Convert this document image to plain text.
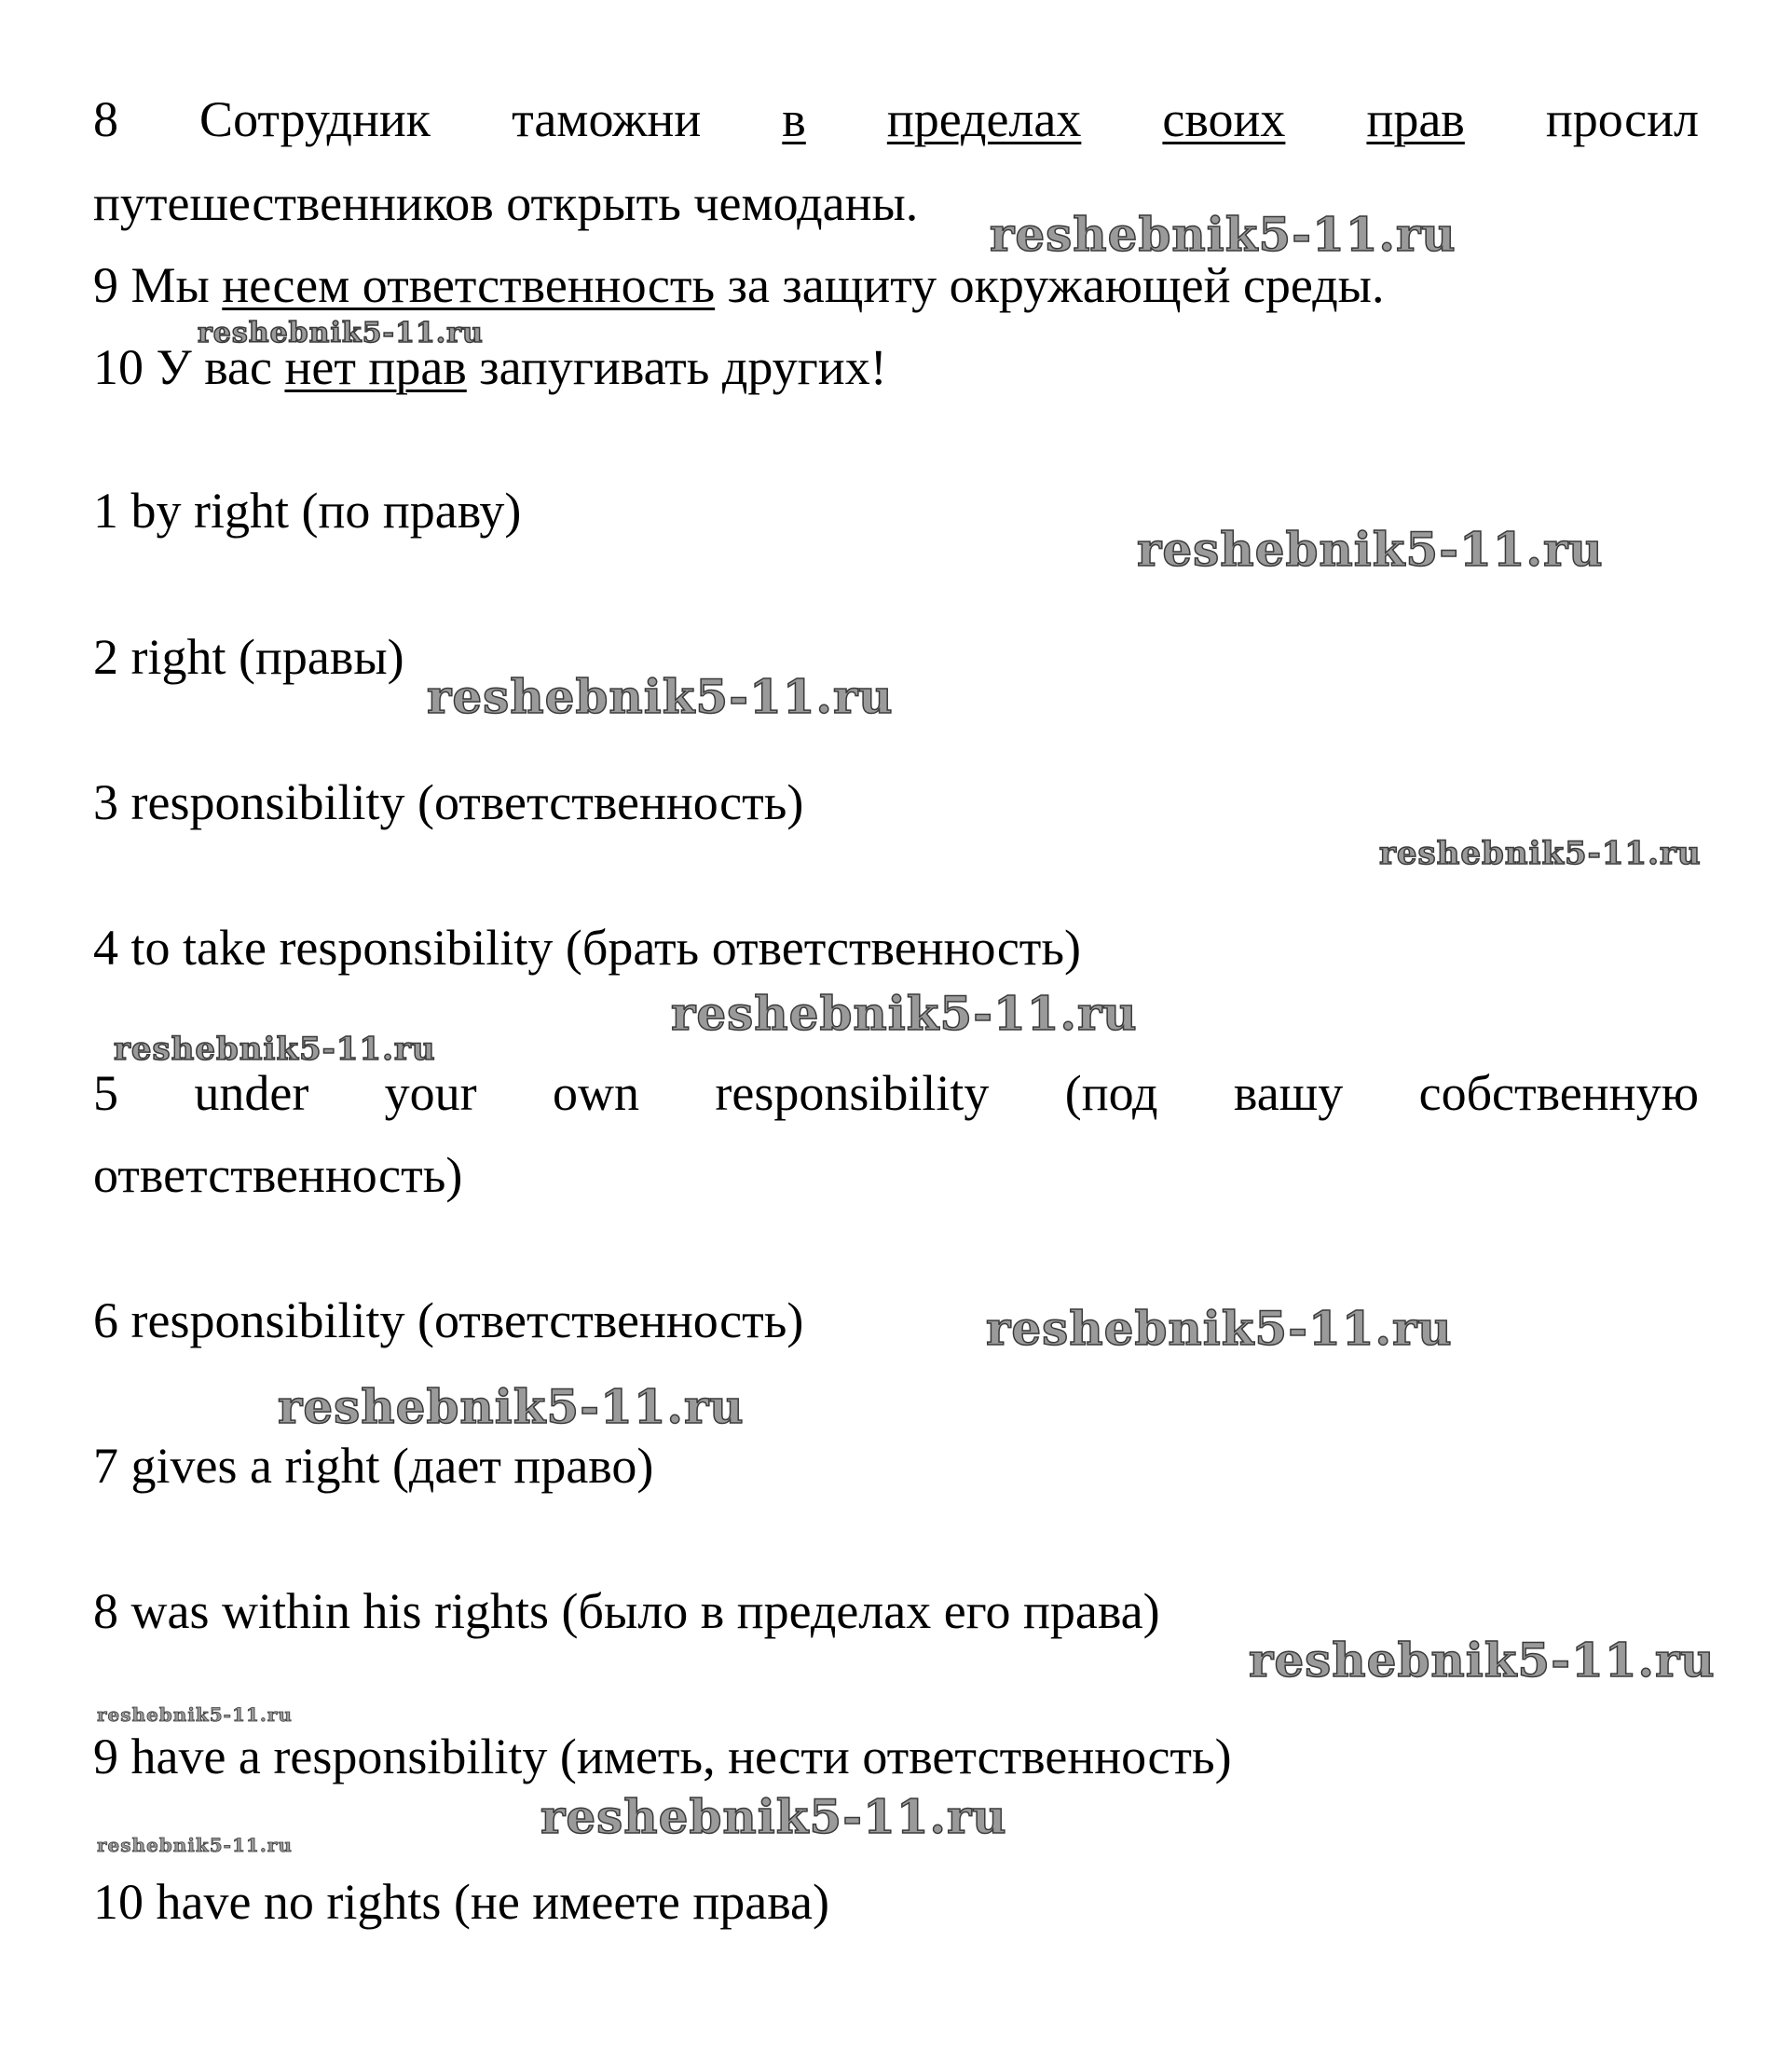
8 Сотрудник таможни в пределах своих прав просил
путешественников открыть чемоданы.
9 Мы несем ответственность за защиту окружающей среды.
10 У вас нет прав запугивать других!
1 by right (по праву)
2 right (правы)
3 responsibility (ответственность)
4 to take responsibility (брать ответственность)
5 under your own responsibility (под вашу собственную
ответственность)
6 responsibility (ответственность)
7 gives a right (дает право)
8 was within his rights (было в пределах его права)
9 have a responsibility (иметь, нести ответственность)
10 have no rights (не имеете права)
reshebnik5-11.ru
reshebnik5-11.ru
reshebnik5-11.ru
reshebnik5-11.ru
reshebnik5-11.ru
reshebnik5-11.ru
reshebnik5-11.ru
reshebnik5-11.ru
reshebnik5-11.ru
reshebnik5-11.ru
reshebnik5-11.ru
reshebnik5-11.ru
reshebnik5-11.ru
